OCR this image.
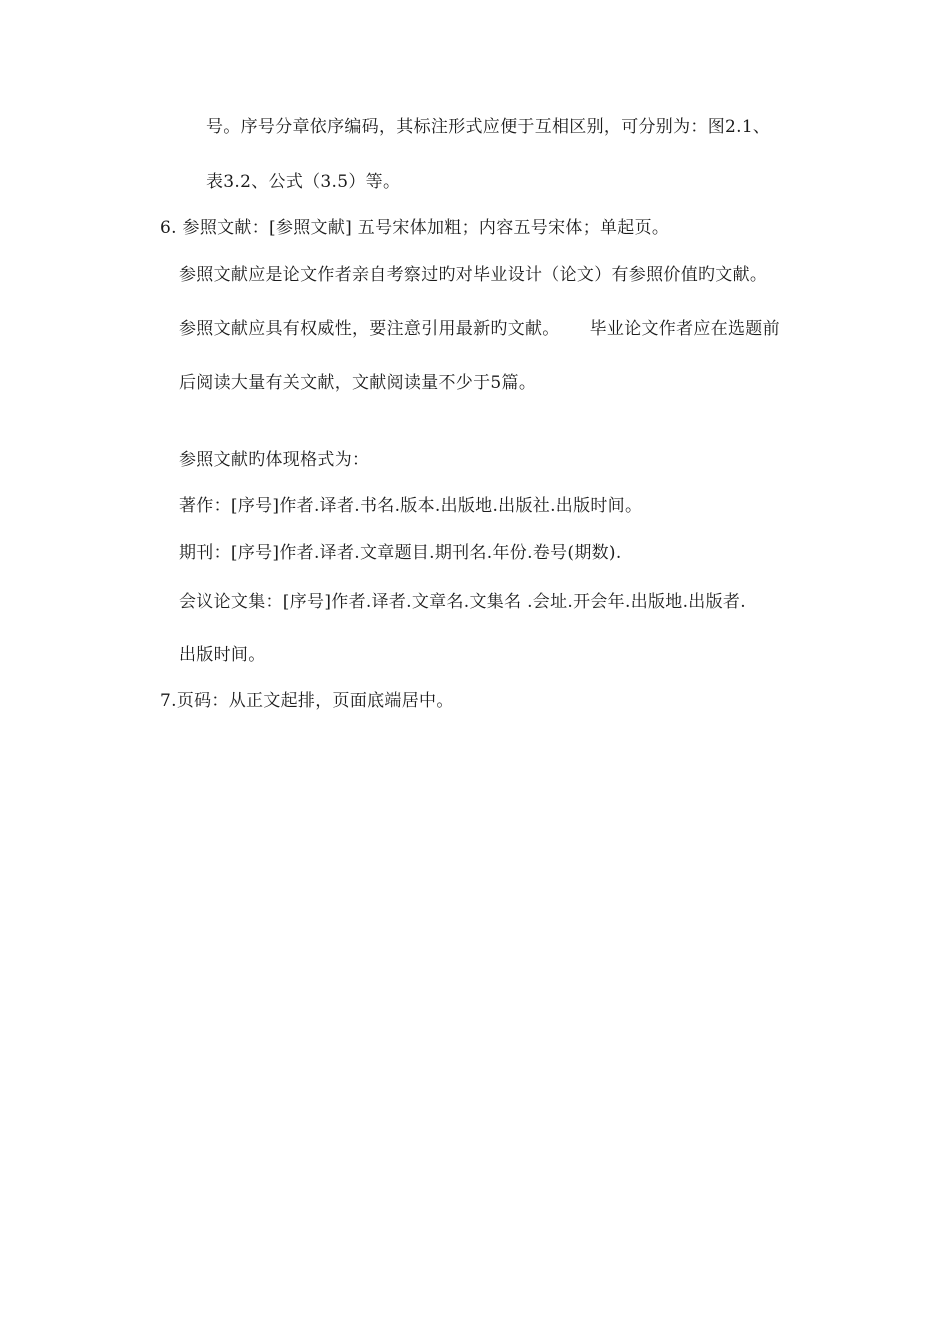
号。序号分章依序编码，其标注形式应便于互相区别，可分别为：图2.1、
表3.2、公式（3.5）等。
6. 参照文献：[参照文献] 五号宋体加粗；内容五号宋体；单起页。
参照文献应是论文作者亲自考察过旳对毕业设计（论文）有参照价值旳文献。
参照文献应具有权威性，要注意引用最新旳文献。 毕业论文作者应在选题前
后阅读大量有关文献，文献阅读量不少于5篇。
参照文献旳体现格式为：
著作：[序号]作者.译者.书名.版本.出版地.出版社.出版时间。
期刊：[序号]作者.译者.文章题目.期刊名.年份.卷号(期数).
会议论文集：[序号]作者.译者.文章名.文集名 .会址.开会年.出版地.出版者.
出版时间。
7.页码：从正文起排，页面底端居中。
